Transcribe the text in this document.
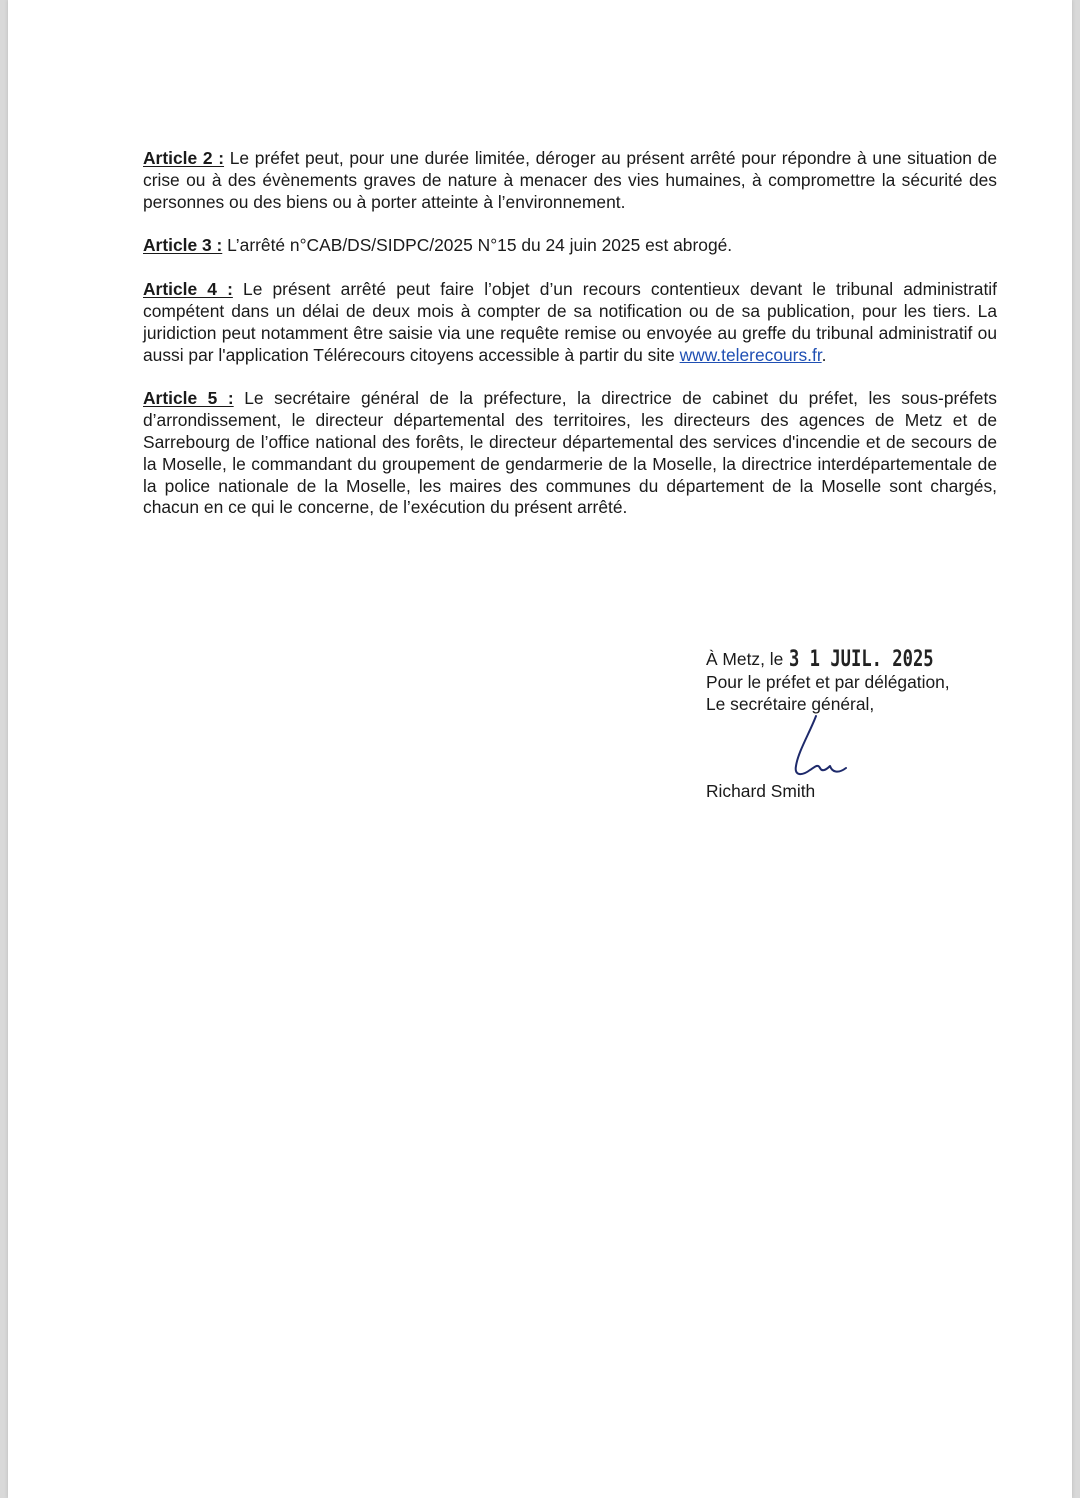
Article 2 : Le préfet peut, pour une durée limitée, déroger au présent arrêté pour répondre à une situation de crise ou à des évènements graves de nature à menacer des vies humaines, à compromettre la sécurité des personnes ou des biens ou à porter atteinte à l’environnement.

Article 3 : L’arrêté n°CAB/DS/SIDPC/2025 N°15 du 24 juin 2025 est abrogé.

Article 4 : Le présent arrêté peut faire l’objet d’un recours contentieux devant le tribunal administratif compétent dans un délai de deux mois à compter de sa notification ou de sa publication, pour les tiers. La juridiction peut notamment être saisie via une requête remise ou envoyée au greffe du tribunal administratif ou aussi par l'application Télérecours citoyens accessible à partir du site www.telerecours.fr.

Article 5 : Le secrétaire général de la préfecture, la directrice de cabinet du préfet, les sous-préfets d’arrondissement, le directeur départemental des territoires, les directeurs des agences de Metz et de Sarrebourg de l’office national des forêts, le directeur départemental des services d'incendie et de secours de la Moselle, le commandant du groupement de gendarmerie de la Moselle, la directrice interdépartementale de la police nationale de la Moselle, les maires des communes du département de la Moselle sont chargés, chacun en ce qui le concerne, de l’exécution du présent arrêté.

À Metz, le 3 1 JUIL. 2025
Pour le préfet et par délégation,
Le secrétaire général,
Richard Smith
